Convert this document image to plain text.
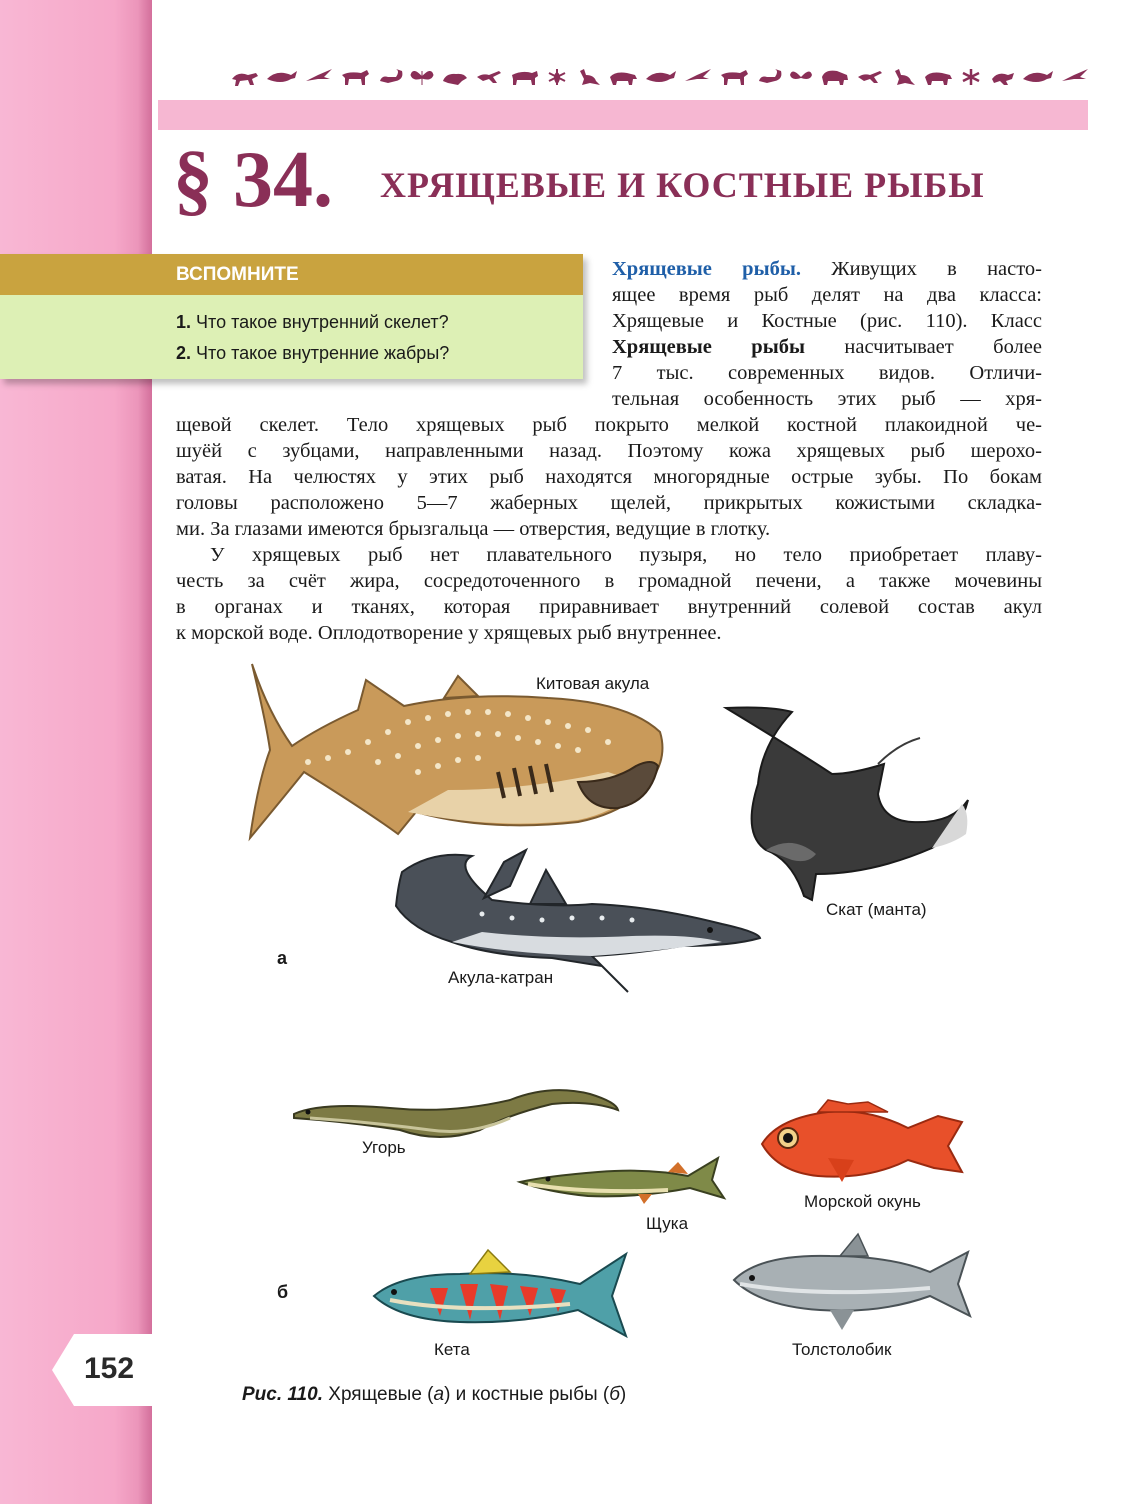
§ 34. ХРЯЩЕВЫЕ И КОСТНЫЕ РЫБЫ
ВСПОМНИТЕ
1. Что такое внутренний скелет?
2. Что такое внутренние жабры?
Хрящевые рыбы. Живущих в насто-
ящее время рыб делят на два класса:
Хрящевые и Костные (рис. 110). Класс
Хрящевые рыбы насчитывает более
7 тыс. современных видов. Отличи-
тельная особенность этих рыб — хря-
щевой скелет. Тело хрящевых рыб покрыто мелкой костной плакоидной че-
шуёй с зубцами, направленными назад. Поэтому кожа хрящевых рыб шерохо-
ватая. На челюстях у этих рыб находятся многорядные острые зубы. По бокам
головы расположено 5—7 жаберных щелей, прикрытых кожистыми складка-
ми. За глазами имеются брызгальца — отверстия, ведущие в глотку.
У хрящевых рыб нет плавательного пузыря, но тело приобретает плаву-
честь за счёт жира, сосредоточенного в громадной печени, а также мочевины
в органах и тканях, которая приравнивает внутренний солевой состав акул
к морской воде. Оплодотворение у хрящевых рыб внутреннее.
Китовая акула
Скат (манта)
Акула-катран
а
Угорь
Щука
Морской окунь
Кета	Толстолобик
б
Рис. 110. Хрящевые (а) и костные рыбы (б)
152
